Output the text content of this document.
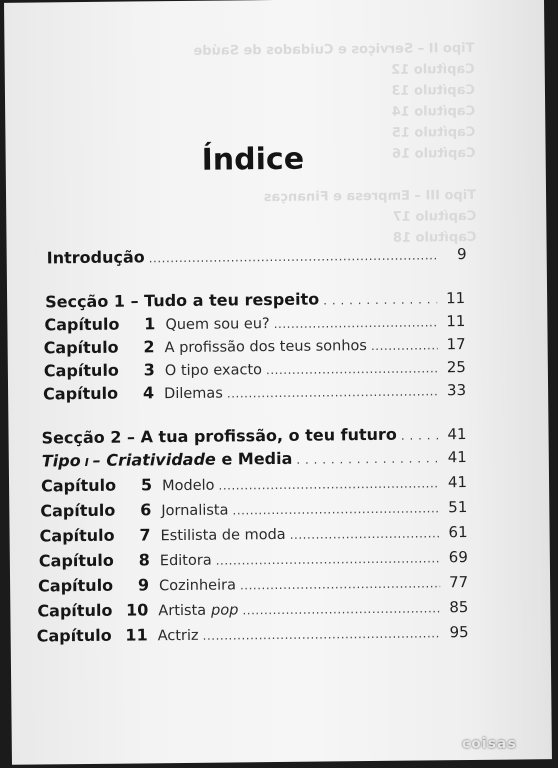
Tipo II – Serviços e Cuidados de Saúde
Capítulo 12
Capítulo 13
Capítulo 14
Capítulo 15
Capítulo 16

Tipo III – Empresa e Finanças
Capítulo 17
Capítulo 18
Índice
Introdução .....	9
Secção 1 – Tudo a teu respeito . . .	11
Capítulo	1 Quem sou eu? .....	11
Capítulo	2 A profissão dos teus sonhos .....	17
Capítulo	3 O tipo exacto .....	25
Capítulo	4 Dilemas .....	33
Secção 2 – A tua profissão, o teu futuro . . .	41
Tipo I – Criatividade e Media . . .	41
Capítulo	5 Modelo .....	41
Capítulo	6 Jornalista .....	51
Capítulo	7 Estilista de moda .....	61
Capítulo	8 Editora .....	69
Capítulo	9 Cozinheira .....	77
Capítulo 10 Artista pop .....	85
Capítulo 11 Actriz .....	95
coisas
